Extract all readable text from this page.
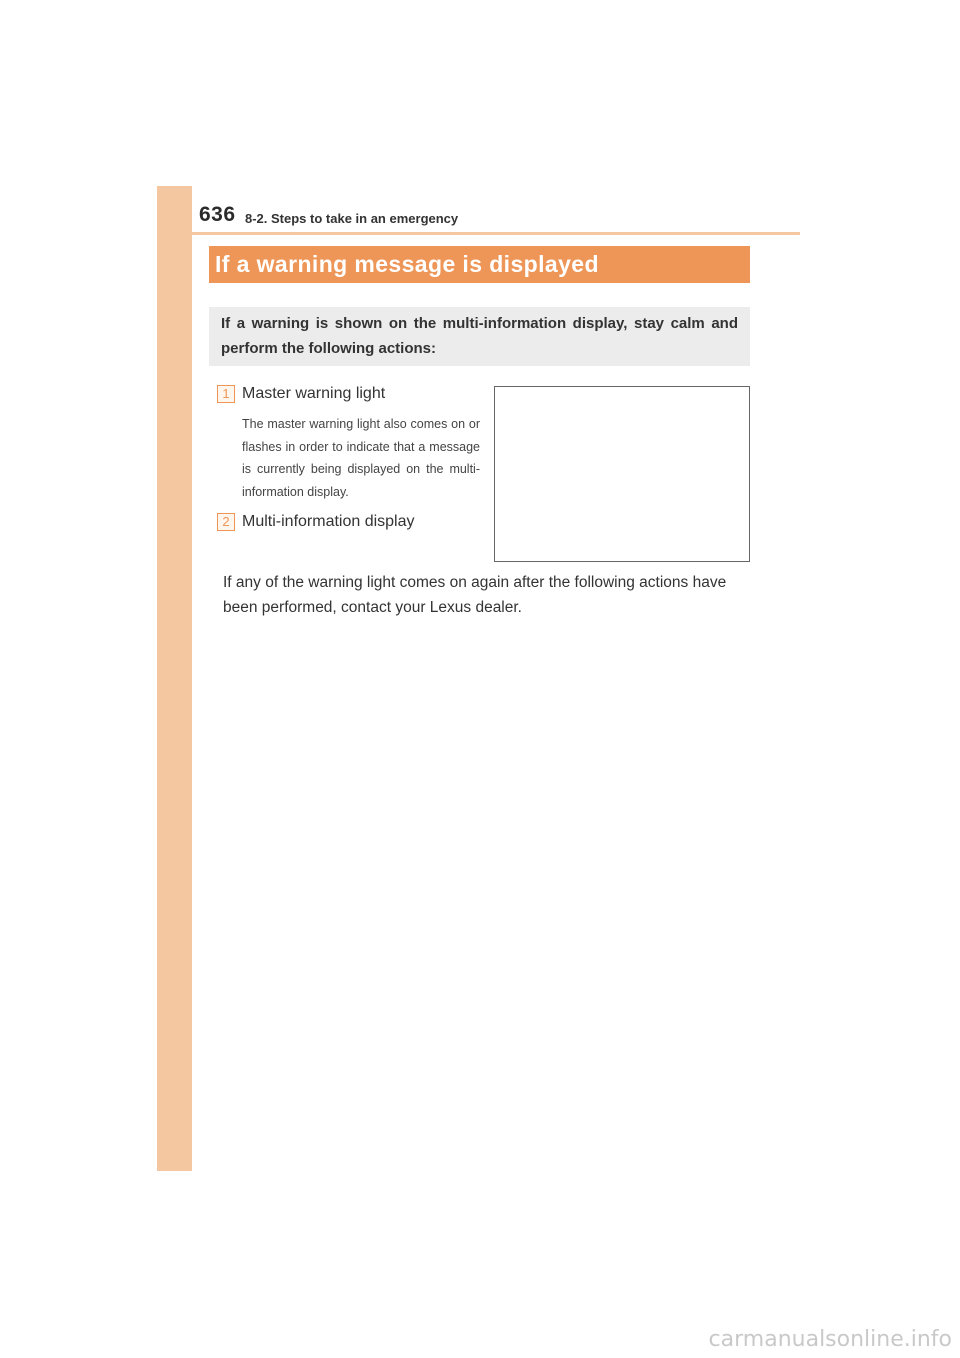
636 8-2. Steps to take in an emergency
If a warning message is displayed
If a warning is shown on the multi-information display, stay calm and perform the following actions:
1 Master warning light
The master warning light also comes on or flashes in order to indicate that a message is currently being displayed on the multi-information display.
2 Multi-information display
If any of the warning light comes on again after the following actions have been performed, contact your Lexus dealer.
carmanualsonline.info
